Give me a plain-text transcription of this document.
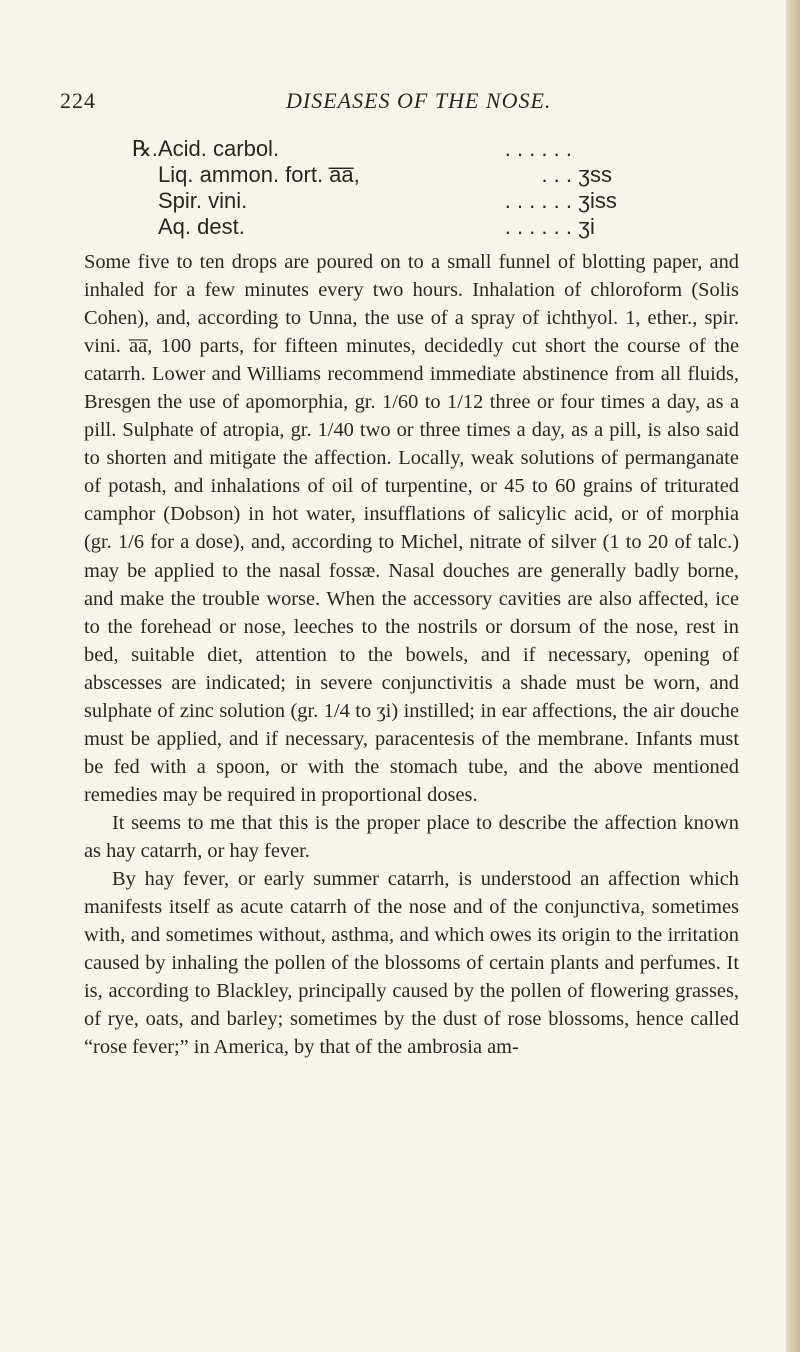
224	DISEASES OF THE NOSE.
℞. Acid. carbol.	. . . . . .
Liq. ammon. fort. a̅a̅,	. . . ʒss
Spir. vini.	. . . . . . ʒiss
Aq. dest.	. . . . . . ʒi

Some five to ten drops are poured on to a small funnel of blotting paper, and inhaled for a few minutes every two hours. Inhalation of chloroform (Solis Cohen), and, according to Unna, the use of a spray of ichthyol. 1, ether., spir. vini. a̅a̅, 100 parts, for fifteen minutes, decidedly cut short the course of the catarrh. Lower and Williams recommend immediate abstinence from all fluids, Bresgen the use of apomorphia, gr. 1/60 to 1/12 three or four times a day, as a pill. Sulphate of atropia, gr. 1/40 two or three times a day, as a pill, is also said to shorten and mitigate the affection. Locally, weak solutions of permanganate of potash, and inhalations of oil of turpentine, or 45 to 60 grains of triturated camphor (Dobson) in hot water, insufflations of salicylic acid, or of morphia (gr. 1/6 for a dose), and, according to Michel, nitrate of silver (1 to 20 of talc.) may be applied to the nasal fossæ. Nasal douches are generally badly borne, and make the trouble worse. When the accessory cavities are also affected, ice to the forehead or nose, leeches to the nostrils or dorsum of the nose, rest in bed, suitable diet, attention to the bowels, and if necessary, opening of abscesses are indicated; in severe conjunctivitis a shade must be worn, and sulphate of zinc solution (gr. 1/4 to ʒi) instilled; in ear affections, the air douche must be applied, and if necessary, paracentesis of the membrane. Infants must be fed with a spoon, or with the stomach tube, and the above mentioned remedies may be required in proportional doses.

It seems to me that this is the proper place to describe the affection known as hay catarrh, or hay fever.

By hay fever, or early summer catarrh, is understood an affection which manifests itself as acute catarrh of the nose and of the conjunctiva, sometimes with, and sometimes without, asthma, and which owes its origin to the irritation caused by inhaling the pollen of the blossoms of certain plants and perfumes. It is, according to Blackley, principally caused by the pollen of flowering grasses, of rye, oats, and barley; sometimes by the dust of rose blossoms, hence called “rose fever;” in America, by that of the ambrosia am-
